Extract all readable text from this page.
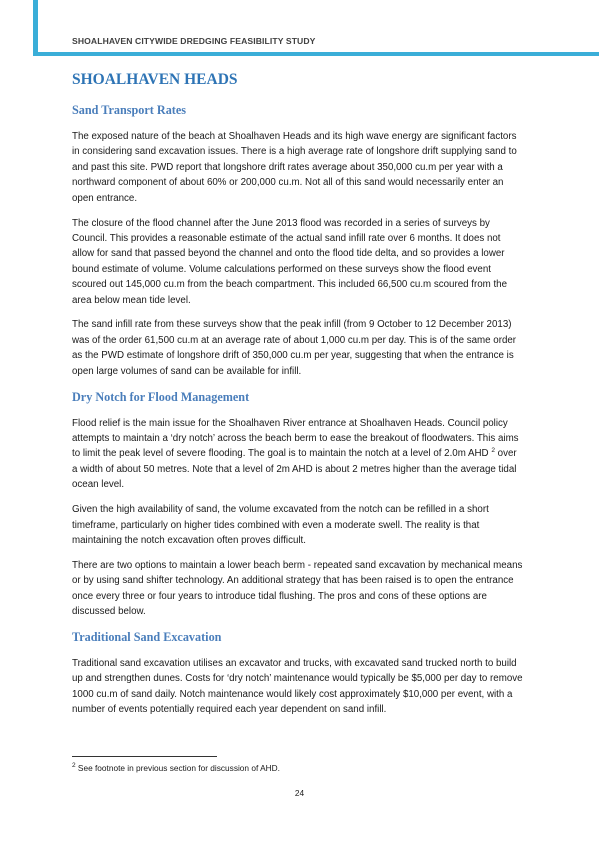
SHOALHAVEN CITYWIDE DREDGING FEASIBILITY STUDY
SHOALHAVEN HEADS
Sand Transport Rates

The exposed nature of the beach at Shoalhaven Heads and its high wave energy are significant factors in considering sand excavation issues. There is a high average rate of longshore drift supplying sand to and past this site. PWD report that longshore drift rates average about 350,000 cu.m per year with a northward component of about 60% or 200,000 cu.m. Not all of this sand would necessarily enter an open entrance.

The closure of the flood channel after the June 2013 flood was recorded in a series of surveys by Council. This provides a reasonable estimate of the actual sand infill rate over 6 months. It does not allow for sand that passed beyond the channel and onto the flood tide delta, and so provides a lower bound estimate of volume. Volume calculations performed on these surveys show the flood event scoured out 145,000 cu.m from the beach compartment. This included 66,500 cu.m scoured from the area below mean tide level.

The sand infill rate from these surveys show that the peak infill (from 9 October to 12 December 2013) was of the order 61,500 cu.m at an average rate of about 1,000 cu.m per day. This is of the same order as the PWD estimate of longshore drift of 350,000 cu.m per year, suggesting that when the entrance is open large volumes of sand can be available for infill.

Dry Notch for Flood Management

Flood relief is the main issue for the Shoalhaven River entrance at Shoalhaven Heads. Council policy attempts to maintain a ‘dry notch’ across the beach berm to ease the breakout of floodwaters. This aims to limit the peak level of severe flooding. The goal is to maintain the notch at a level of 2.0m AHD $^2$ over a width of about 50 metres. Note that a level of 2m AHD is about 2 metres higher than the average tidal ocean level.

Given the high availability of sand, the volume excavated from the notch can be refilled in a short timeframe, particularly on higher tides combined with even a moderate swell. The reality is that maintaining the notch excavation often proves difficult.

There are two options to maintain a lower beach berm - repeated sand excavation by mechanical means or by using sand shifter technology. An additional strategy that has been raised is to open the entrance once every three or four years to introduce tidal flushing. The pros and cons of these options are discussed below.

Traditional Sand Excavation

Traditional sand excavation utilises an excavator and trucks, with excavated sand trucked north to build up and strengthen dunes. Costs for ‘dry notch’ maintenance would typically be $5,000 per day to remove 1000 cu.m of sand daily. Notch maintenance would likely cost approximately $10,000 per event, with a number of events potentially required each year dependent on sand infill.

$^2$ See footnote in previous section for discussion of AHD.
24
